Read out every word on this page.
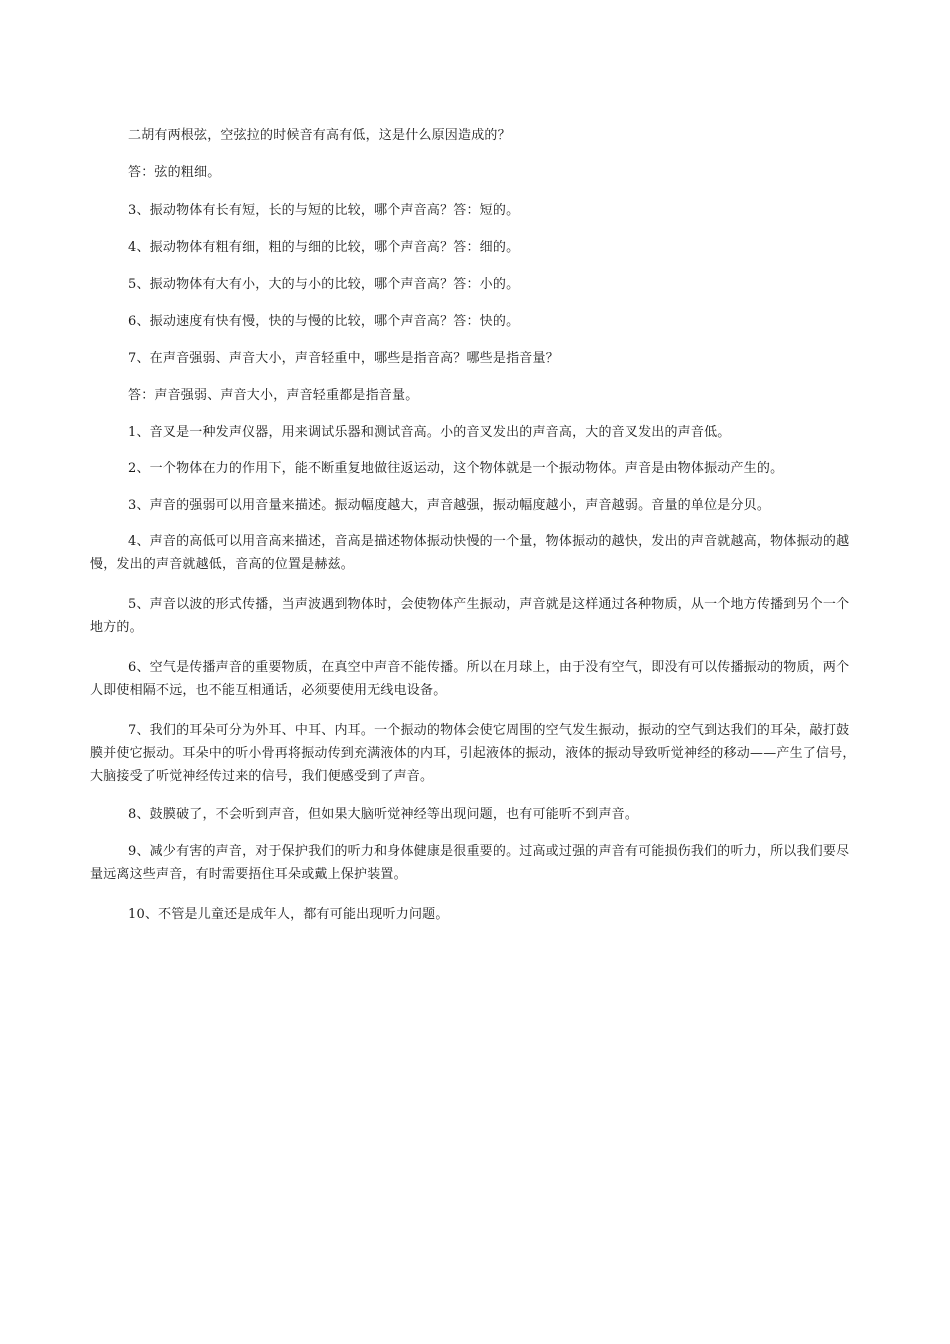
二胡有两根弦，空弦拉的时候音有高有低，这是什么原因造成的？

答：弦的粗细。

3、振动物体有长有短，长的与短的比较，哪个声音高？答：短的。

4、振动物体有粗有细，粗的与细的比较，哪个声音高？答：细的。

5、振动物体有大有小，大的与小的比较，哪个声音高？答：小的。

6、振动速度有快有慢，快的与慢的比较，哪个声音高？答：快的。

7、在声音强弱、声音大小，声音轻重中，哪些是指音高？哪些是指音量？

答：声音强弱、声音大小，声音轻重都是指音量。

1、音叉是一种发声仪器，用来调试乐器和测试音高。小的音叉发出的声音高，大的音叉发出的声音低。

2、一个物体在力的作用下，能不断重复地做往返运动，这个物体就是一个振动物体。声音是由物体振动产生的。

3、声音的强弱可以用音量来描述。振动幅度越大，声音越强，振动幅度越小，声音越弱。音量的单位是分贝。

4、声音的高低可以用音高来描述，音高是描述物体振动快慢的一个量，物体振动的越快，发出的声音就越高，物体振动的越慢，发出的声音就越低，音高的位置是赫兹。

5、声音以波的形式传播，当声波遇到物体时，会使物体产生振动，声音就是这样通过各种物质，从一个地方传播到另个一个地方的。

6、空气是传播声音的重要物质，在真空中声音不能传播。所以在月球上，由于没有空气，即没有可以传播振动的物质，两个人即使相隔不远，也不能互相通话，必须要使用无线电设备。

7、我们的耳朵可分为外耳、中耳、内耳。一个振动的物体会使它周围的空气发生振动，振动的空气到达我们的耳朵，敲打鼓膜并使它振动。耳朵中的听小骨再将振动传到充满液体的内耳，引起液体的振动，液体的振动导致听觉神经的移动——产生了信号，大脑接受了听觉神经传过来的信号，我们便感受到了声音。

8、鼓膜破了，不会听到声音，但如果大脑听觉神经等出现问题，也有可能听不到声音。

9、减少有害的声音，对于保护我们的听力和身体健康是很重要的。过高或过强的声音有可能损伤我们的听力，所以我们要尽量远离这些声音，有时需要捂住耳朵或戴上保护装置。

10、不管是儿童还是成年人，都有可能出现听力问题。
